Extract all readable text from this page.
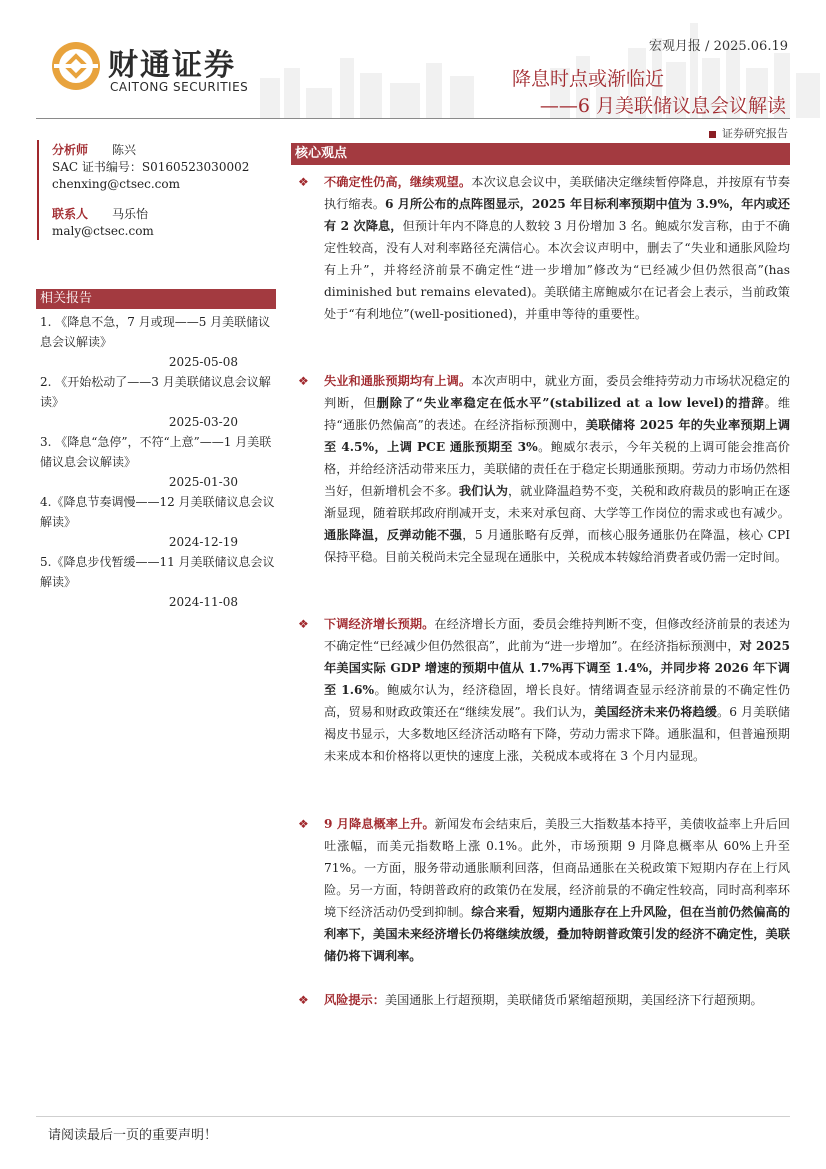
财通证券
CAITONG SECURITIES
宏观月报 / 2025.06.19
降息时点或渐临近
——6 月美联储议息会议解读
证券研究报告
分析师 陈兴
SAC 证书编号：S0160523030002
chenxing@ctsec.com
联系人 马乐怡
maly@ctsec.com
相关报告
1. 《降息不急，7 月或现——5 月美联储议息会议解读》
2025-05-08
2. 《开始松动了——3 月美联储议息会议解读》
2025-03-20
3. 《降息“急停”，不符“上意”——1 月美联储议息会议解读》
2025-01-30
4.《降息节奏调慢——12 月美联储议息会议解读》
2024-12-19
5.《降息步伐暂缓——11 月美联储议息会议解读》
2024-11-08
核心观点
❖	不确定性仍高，继续观望。本次议息会议中，美联储决定继续暂停降息，并按原有节奏执行缩表。6 月所公布的点阵图显示，2025 年目标利率预期中值为 3.9%，年内或还有 2 次降息，但预计年内不降息的人数较 3 月份增加 3 名。鲍威尔发言称，由于不确定性较高，没有人对利率路径充满信心。本次会议声明中，删去了“失业和通胀风险均有上升”，并将经济前景不确定性“进一步增加”修改为“已经减少但仍然很高”(has diminished but remains elevated)。美联储主席鲍威尔在记者会上表示，当前政策处于“有利地位”(well-positioned)，并重申等待的重要性。
❖	失业和通胀预期均有上调。本次声明中，就业方面，委员会维持劳动力市场状况稳定的判断，但删除了“失业率稳定在低水平”(stabilized at a low level)的措辞。维持“通胀仍然偏高”的表述。在经济指标预测中，美联储将 2025 年的失业率预期上调至 4.5%，上调 PCE 通胀预期至 3%。鲍威尔表示，今年关税的上调可能会推高价格，并给经济活动带来压力，美联储的责任在于稳定长期通胀预期。劳动力市场仍然相当好，但新增机会不多。我们认为，就业降温趋势不变，关税和政府裁员的影响正在逐渐显现，随着联邦政府削减开支，未来对承包商、大学等工作岗位的需求或也有减少。通胀降温，反弹动能不强，5 月通胀略有反弹，而核心服务通胀仍在降温，核心 CPI 保持平稳。目前关税尚未完全显现在通胀中，关税成本转嫁给消费者或仍需一定时间。
❖	下调经济增长预期。在经济增长方面，委员会维持判断不变，但修改经济前景的表述为不确定性“已经减少但仍然很高”，此前为“进一步增加”。在经济指标预测中，对 2025 年美国实际 GDP 增速的预期中值从 1.7%再下调至 1.4%，并同步将 2026 年下调至 1.6%。鲍威尔认为，经济稳固，增长良好。情绪调查显示经济前景的不确定性仍高，贸易和财政政策还在“继续发展”。我们认为，美国经济未来仍将趋缓。6 月美联储褐皮书显示，大多数地区经济活动略有下降，劳动力需求下降。通胀温和，但普遍预期未来成本和价格将以更快的速度上涨，关税成本或将在 3 个月内显现。
❖	9 月降息概率上升。新闻发布会结束后，美股三大指数基本持平，美债收益率上升后回吐涨幅，而美元指数略上涨 0.1%。此外，市场预期 9 月降息概率从 60%上升至 71%。一方面，服务带动通胀顺利回落，但商品通胀在关税政策下短期内存在上行风险。另一方面，特朗普政府的政策仍在发展，经济前景的不确定性较高，同时高利率环境下经济活动仍受到抑制。综合来看，短期内通胀存在上升风险，但在当前仍然偏高的利率下，美国未来经济增长仍将继续放缓，叠加特朗普政策引发的经济不确定性，美联储仍将下调利率。
❖	风险提示：美国通胀上行超预期，美联储货币紧缩超预期，美国经济下行超预期。
请阅读最后一页的重要声明！
